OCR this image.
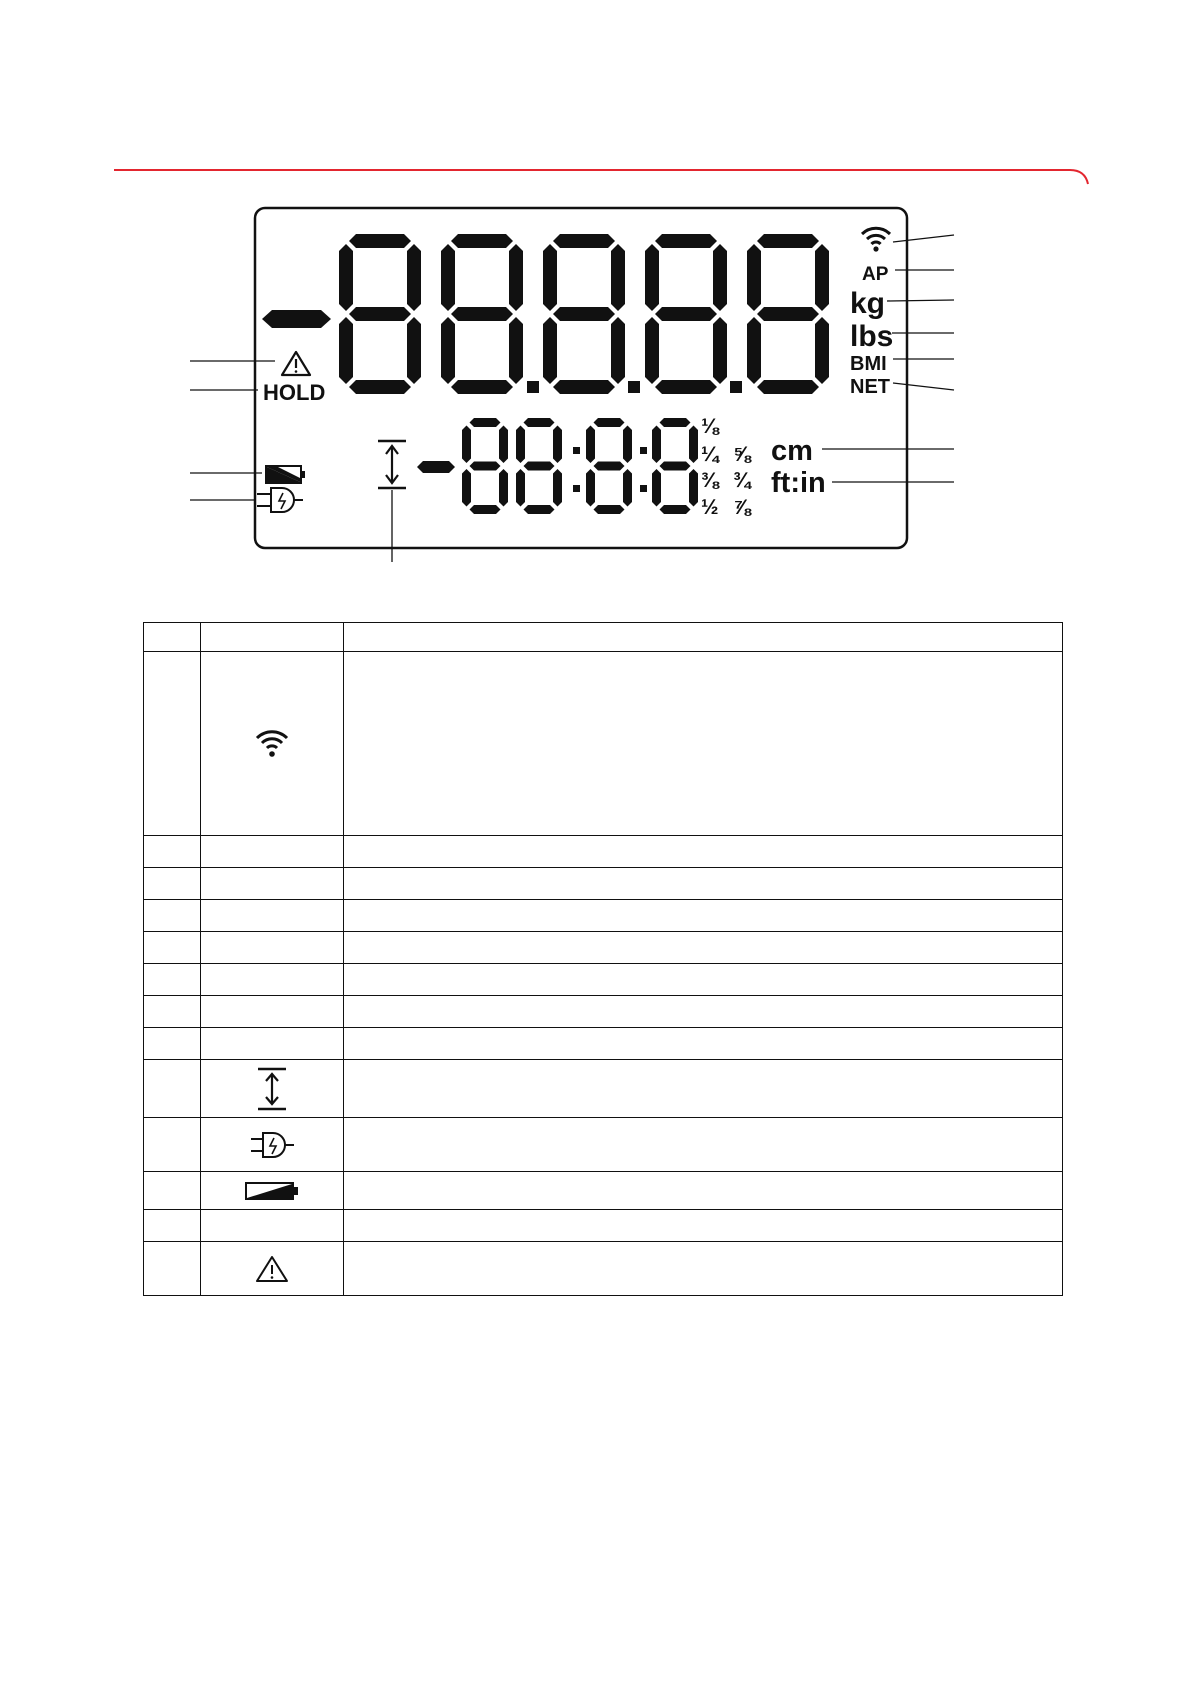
⅛
¼
⅜
½
⅝
¾
⅞
AP
kg
lbs
BMI
NET
cm
ft:in
HOLD
